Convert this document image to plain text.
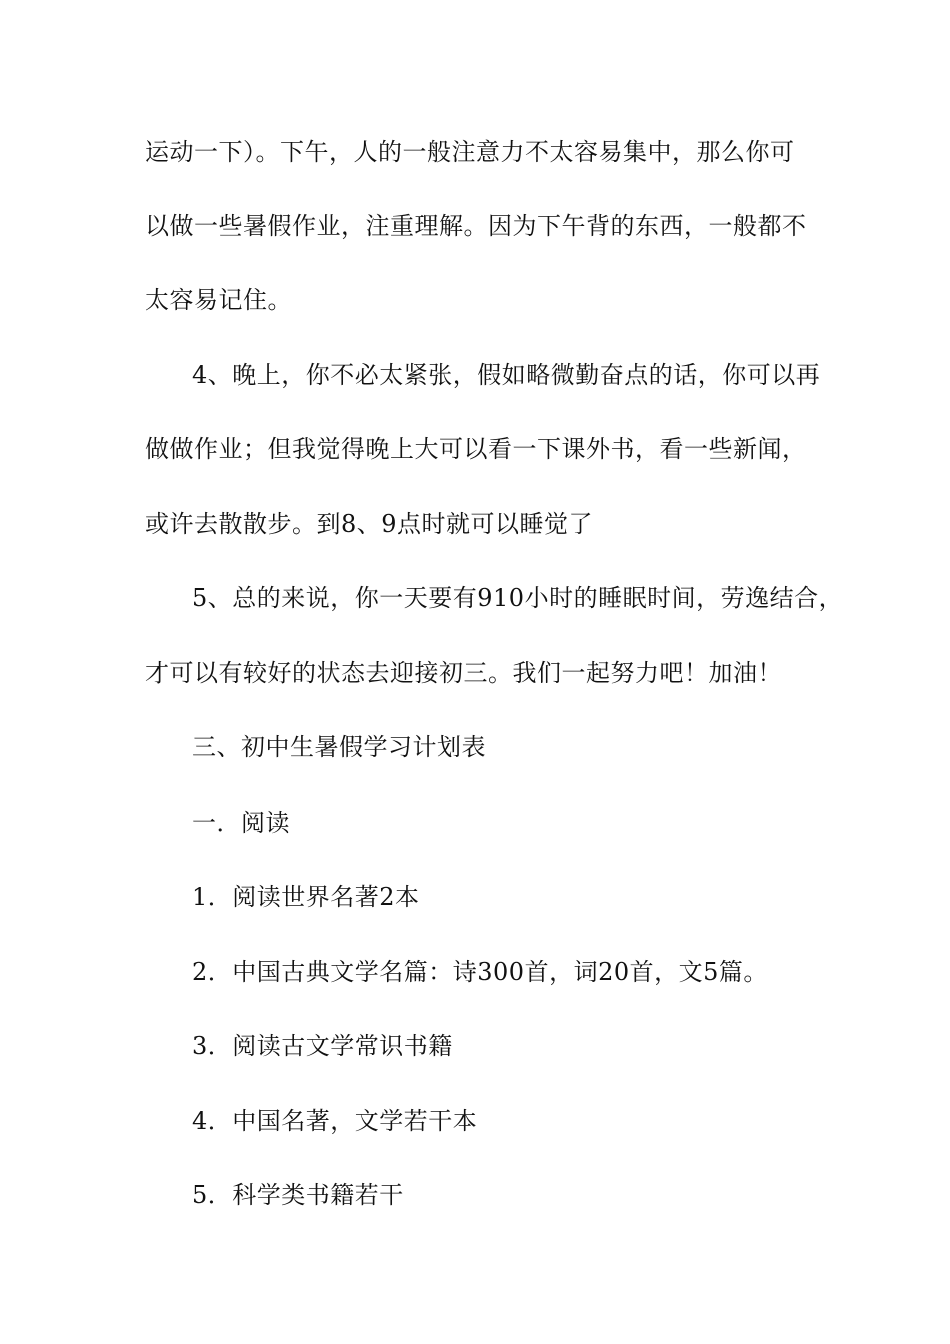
运动一下）。下午，人的一般注意力不太容易集中，那么你可
以做一些暑假作业，注重理解。因为下午背的东西，一般都不
太容易记住。
4、晚上，你不必太紧张，假如略微勤奋点的话，你可以再
做做作业；但我觉得晚上大可以看一下课外书，看一些新闻，
或许去散散步。到8、9点时就可以睡觉了
5、总的来说，你一天要有910小时的睡眠时间，劳逸结合，
才可以有较好的状态去迎接初三。我们一起努力吧！加油！
三、初中生暑假学习计划表
一．阅读
1．阅读世界名著2本
2．中国古典文学名篇：诗300首，词20首，文5篇。
3．阅读古文学常识书籍
4．中国名著，文学若干本
5．科学类书籍若干
